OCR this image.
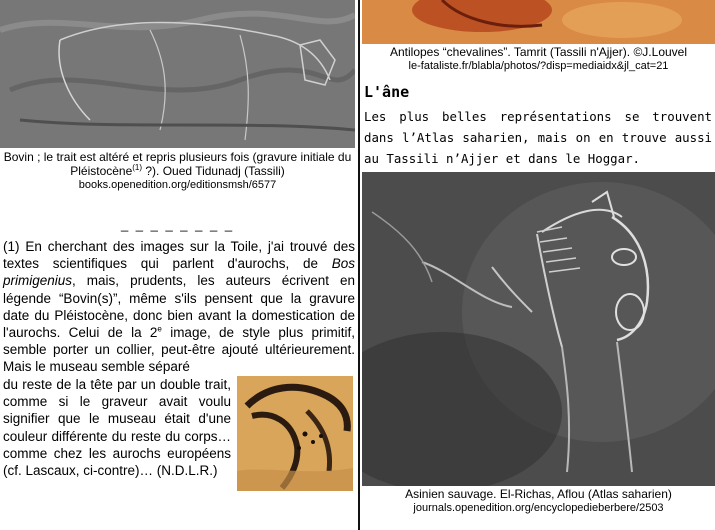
Bovin ; le trait est altéré et repris plusieurs fois (gravure initiale du Pléistocène$^{(1)}$ ?). Oued Tidunadj (Tassili)
books.openedition.org/editionsmsh/6577
_ _ _ _ _ _ _ _
(1) En cherchant des images sur la Toile, j'ai trouvé des textes scientifiques qui parlent d'aurochs, de Bos primigenius, mais, prudents, les auteurs écrivent en légende “Bovin(s)”, même s'ils pensent que la gravure date du Pléistocène, donc bien avant la domestication de l'aurochs. Celui de la 2e image, de style plus primitif, semble porter un collier, peut-être ajouté ultérieurement. Mais le museau semble séparé
du reste de la tête par un double trait, comme si le graveur avait voulu signifier que le museau était d'une couleur différente du reste du corps… comme chez les aurochs européens (cf. Lascaux, ci-contre)… (N.D.L.R.)
Antilopes “chevalines”. Tamrit (Tassili n'Ajjer). ©J.Louvel
le-fataliste.fr/blabla/photos/?disp=mediaidx&jl_cat=21
L'âne
Les plus belles représentations se trouvent dans l’Atlas saharien, mais on en trouve aussi au Tassili n’Ajjer et dans le Hoggar.
Asinien sauvage. El-Richas, Aflou (Atlas saharien)
journals.openedition.org/encyclopedieberbere/2503
